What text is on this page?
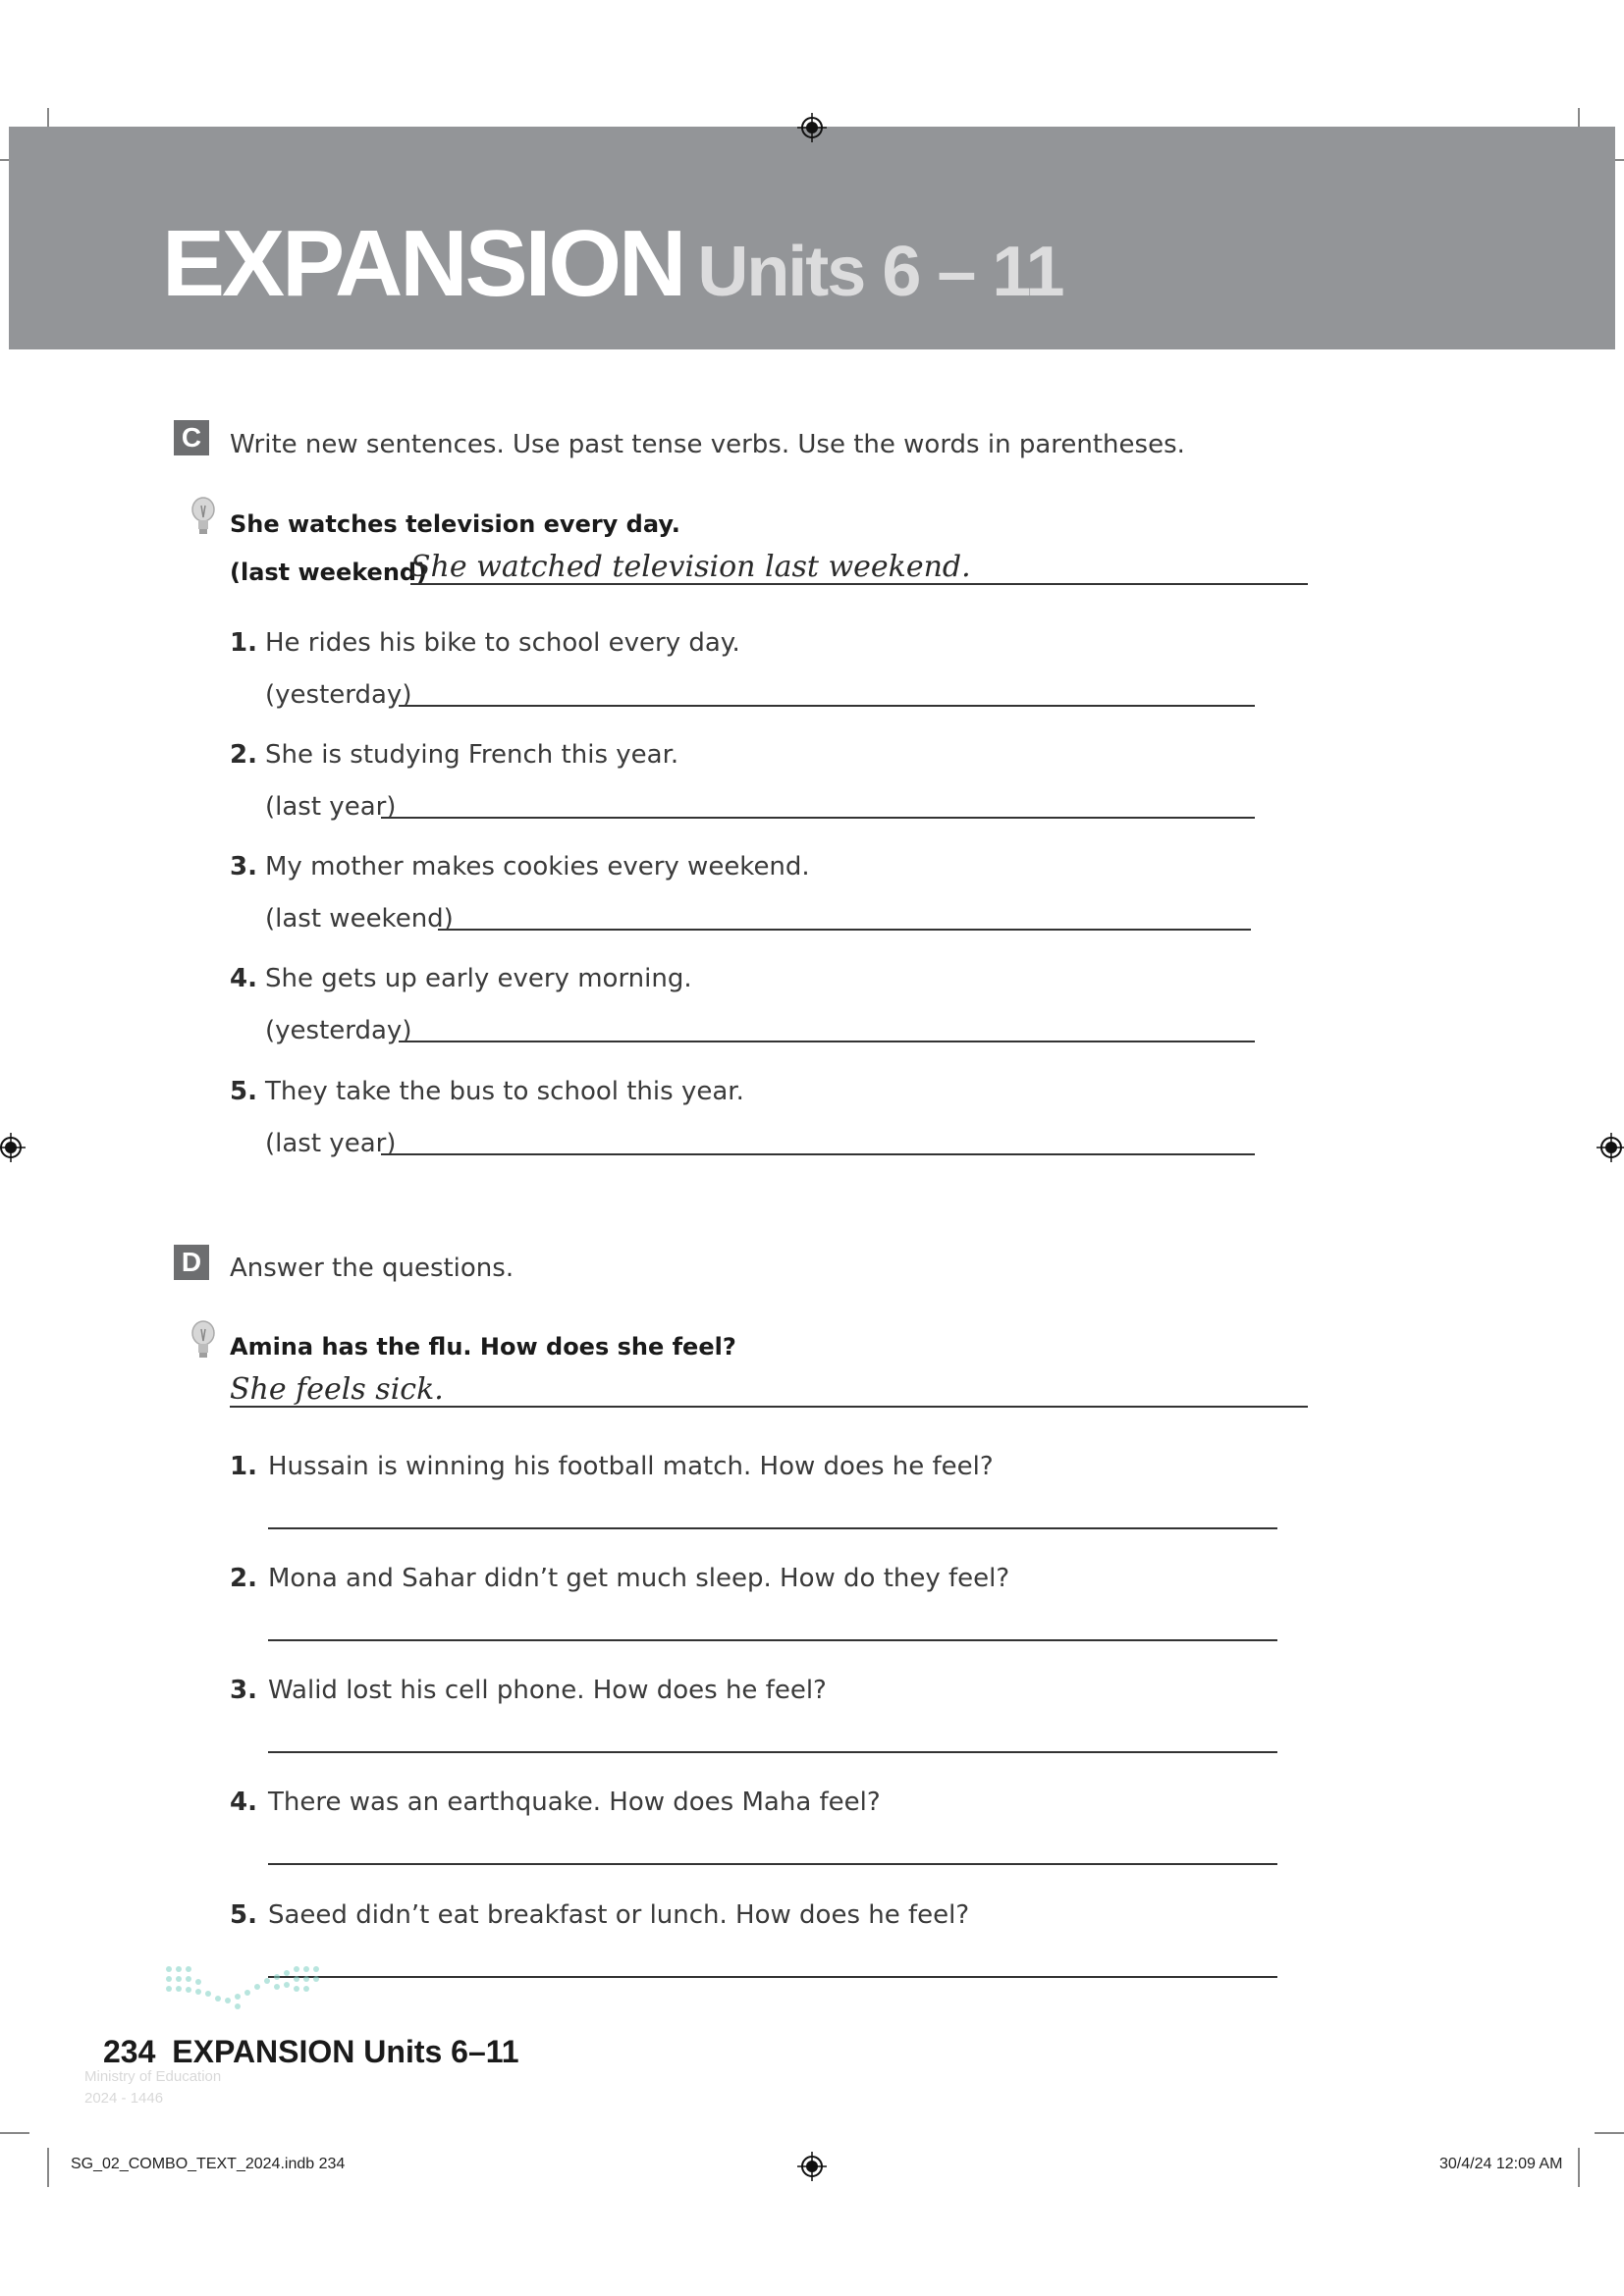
EXPANSION Units 6 – 11
C	Write new sentences. Use past tense verbs. Use the words in parentheses.
She watches television every day.
(last weekend)
She watched television last weekend.
1. He rides his bike to school every day.
(yesterday)
2. She is studying French this year.
(last year)
3. My mother makes cookies every weekend.
(last weekend)
4. She gets up early every morning.
(yesterday)
5. They take the bus to school this year.
(last year)
D	Answer the questions.
Amina has the flu. How does she feel?
She feels sick.
1. Hussain is winning his football match. How does he feel?
2. Mona and Sahar didn’t get much sleep. How do they feel?
3. Walid lost his cell phone. How does he feel?
4. There was an earthquake. How does Maha feel?
5. Saeed didn’t eat breakfast or lunch. How does he feel?
Ministry of Education
2024 - 1446
234 EXPANSION Units 6–11
SG_02_COMBO_TEXT_2024.indb 234	30/4/24 12:09 AM
